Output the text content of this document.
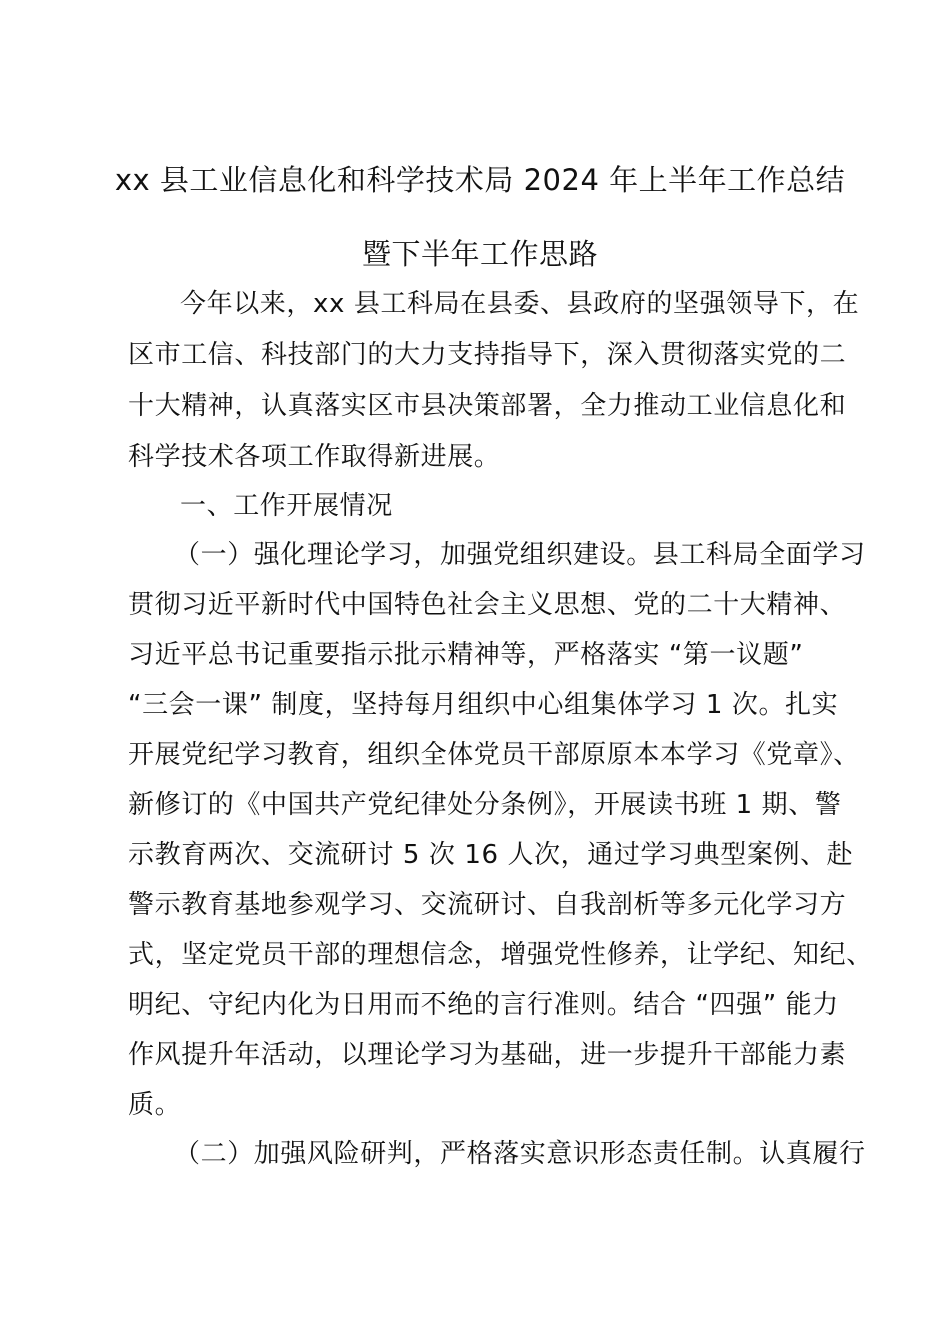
xx 县工业信息化和科学技术局 2024 年上半年工作总结
暨下半年工作思路
今年以来，xx 县工科局在县委、县政府的坚强领导下，在
区市工信、科技部门的大力支持指导下，深入贯彻落实党的二
十大精神，认真落实区市县决策部署，全力推动工业信息化和
科学技术各项工作取得新进展。
一、工作开展情况
（一）强化理论学习，加强党组织建设。县工科局全面学习
贯彻习近平新时代中国特色社会主义思想、党的二十大精神、
习近平总书记重要指示批示精神等，严格落实 “第一议题”
“三会一课” 制度，坚持每月组织中心组集体学习 1 次。扎实
开展党纪学习教育，组织全体党员干部原原本本学习《党章》、
新修订的《中国共产党纪律处分条例》，开展读书班 1 期、警
示教育两次、交流研讨 5 次 16 人次，通过学习典型案例、赴
警示教育基地参观学习、交流研讨、自我剖析等多元化学习方
式，坚定党员干部的理想信念，增强党性修养，让学纪、知纪、
明纪、守纪内化为日用而不绝的言行准则。结合 “四强” 能力
作风提升年活动，以理论学习为基础，进一步提升干部能力素
质。
（二）加强风险研判，严格落实意识形态责任制。认真履行
